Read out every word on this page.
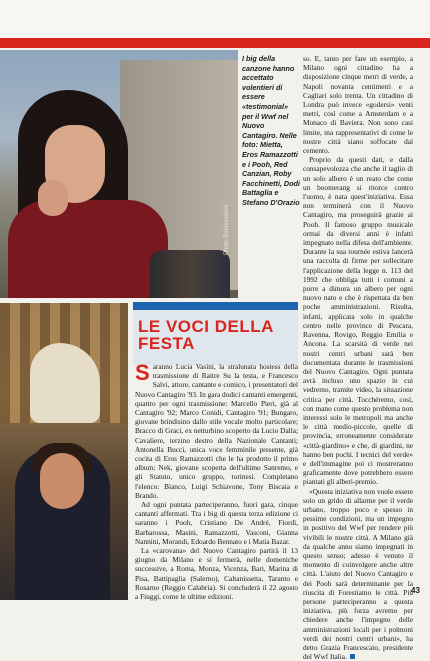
Photo Baldasserini
I big della canzone hanno accettato volentieri di essere «testimonial» per il Wwf nel Nuovo Cantagiro. Nelle foto: Mietta, Eros Ramazzotti e i Pooh, Red Canzian, Roby Facchinetti, Dodi Battaglia e Stefano D'Orazio

so. E, tanto per fare un esempio, a Milano ogni cittadino ha a disposizione cinque metri di verde, a Napoli novanta centimetri e a Cagliari solo trenta. Un cittadino di Londra può invece «godersi» venti metri, così come a Amsterdam e a Monaco di Baviera. Non sono casi limite, ma rappresentativi di come le nostre città siano soffocate dal cemento.

Proprio da questi dati, e dalla consapevolezza che anche il taglio di un solo albero è un reato che come un boomerang si ritorce contro l'uomo, è nata quest'iniziativa. Essa non terminerà con il Nuovo Cantagiro, ma proseguirà grazie ai Pooh. Il famoso gruppo musicale ormai da diversi anni è infatti impegnato nella difesa dell'ambiente. Durante la sua tournée estiva lancerà una raccolta di firme per sollecitare l'applicazione della legge n. 113 del 1992 che obbliga tutti i comuni a porre a dimora un albero per ogni nuovo nato e che è rispettata da ben poche amministrazioni. Risulta, infatti, applicata solo in qualche centro nelle province di Pescara, Ravenna, Rovigo, Reggio Emilia e Ancona. La scarsità di verde nei nostri centri urbani sarà ben documentata durante le trasmissioni del Nuovo Cantagiro. Ogni puntata avrà incluso uno spazio in cui vedremo, tramite video, la situazione critica per città. Tocchéremo, così, con mano come questo problema non interessi solo le metropoli ma anche le città medio-piccole, quelle di provincia, erroneamente considerate «città-giardino» e che, di giardini, ne hanno ben pochi. I tecnici del verde» e dell'immagine poi ci mostreranno graficamente dove potrebbero essere piantati gli alberi-premio.

«Questa iniziativa non vuole essere solo un grido di allarme per il verde urbano, troppo poco e spesso in pessime condizioni, ma un impegno in positivo del Wwf per rendere più vivibili le nostre città. A Milano già da qualche anno siamo impegnati in questo senso; adesso è venuto il momento di coinvolgere anche altre città. L'aiuto del Nuovo Cantagiro e dei Pooh sarà determinante per la riuscita di Forestiamo le città. Più persone parteciperanno a questa iniziativa, più forza avremo per chiedere anche l'impegno delle amministrazioni locali per i polmoni verdi dei nostri centri urbani», ha detto Grazia Francescato, presidente del Wwf Italia.

LE VOCI DELLA FESTA

Saranno Lucia Vasini, la stralunata hostess della trasmissione di Raitre Su la testa, e Francesco Salvi, attore, cantante e comico, i presentatori del Nuovo Cantagiro '93. In gara dodici cantanti emergenti, quattro per ogni trasmissione: Marcello Pieri, già al Cantagiro '92; Marco Conidi, Cantagiro '91; Bungaro, giovane brindisino dallo stile vocale molto particolare; Bracco di Graci, ex netturbino scoperto da Lucio Dalla; Cavaliere, terzino destro della Nazionale Cantanti; Antonella Bucci, unica voce femminile presente, già cocita di Eros Ramazzotti che le ha prodotto il primo album; Nek, giovane scoperta dell'ultimo Sanremo, e gli Statuto, unico gruppo, torinesi. Completano l'elenco: Bianco, Luigi Schiavone, Tony Biscaia e Brando.

Ad ogni puntata parteciperanno, fuori gara, cinque cantanti affermati. Tra i big di questa terza edizione ci saranno i Pooh, Cristiano De André, Fiordi, Barbarossa, Masini, Ramazzotti, Vasconi, Gianna Nannini, Morandi, Edoardo Bennato e i Matia Bazar.

La «carovana» del Nuovo Cantagiro partirà il 13 giugno da Milano e si fermerà, nelle domeniche successive, a Roma, Monza, Vicenza, Bari, Marina di Pisa, Battipaglia (Salerno), Caltanissetta, Taranto e Rosarno (Reggio Calabria). Si concluderà il 22 agosto a Fiuggi, come le ultime edizioni.

43
